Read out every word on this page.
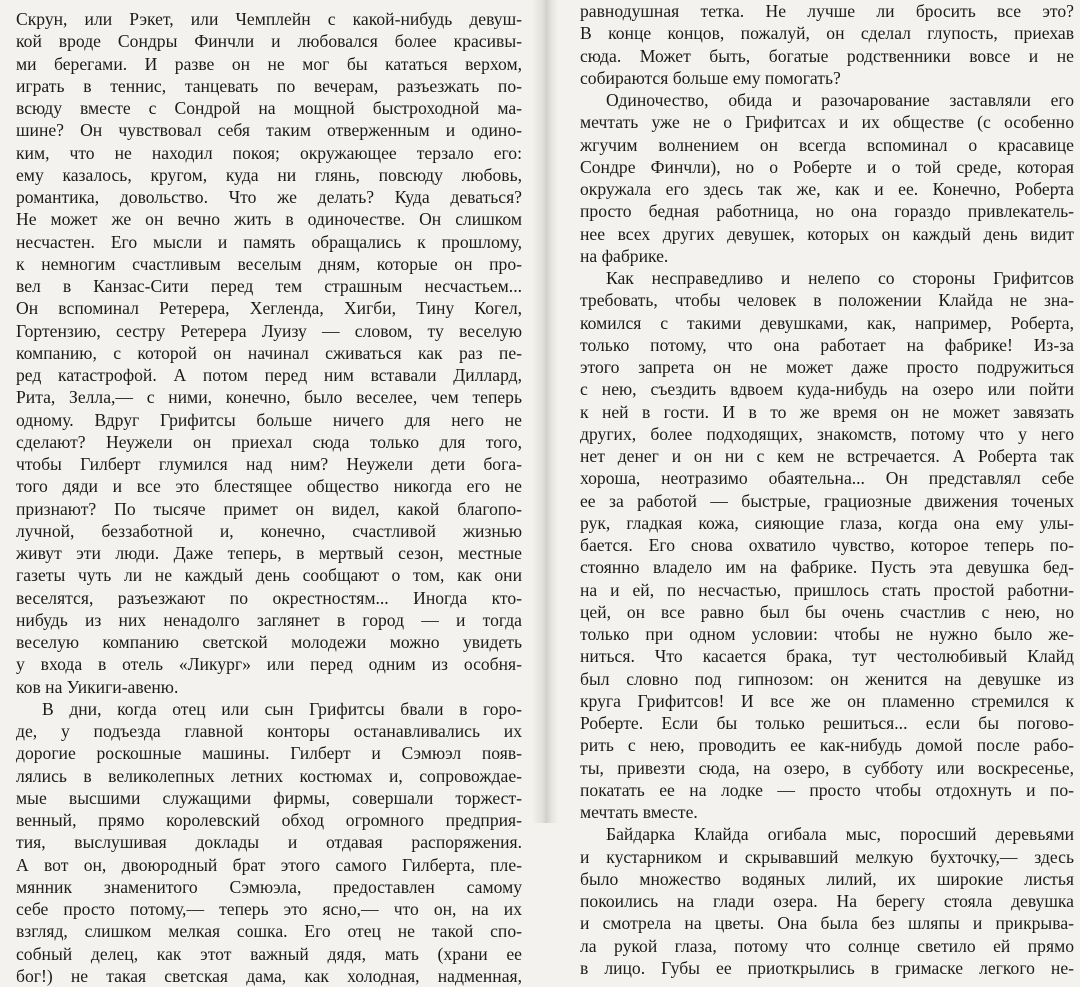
Скрун, или Рэкет, или Чемплейн с какой-нибудь девуш-
кой вроде Сондры Финчли и любовался более красивы-
ми берегами. И разве он не мог бы кататься верхом,
играть в теннис, танцевать по вечерам, разъезжать по-
всюду вместе с Сондрой на мощной быстроходной ма-
шине? Он чувствовал себя таким отверженным и одино-
ким, что не находил покоя; окружающее терзало его:
ему казалось, кругом, куда ни глянь, повсюду любовь,
романтика, довольство. Что же делать? Куда деваться?
Не может же он вечно жить в одиночестве. Он слишком
несчастен. Его мысли и память обращались к прошлому,
к немногим счастливым веселым дням, которые он про-
вел в Канзас-Сити перед тем страшным несчастьем...
Он вспоминал Ретерера, Хегленда, Хигби, Тину Когел,
Гортензию, сестру Ретерера Луизу — словом, ту веселую
компанию, с которой он начинал сживаться как раз пе-
ред катастрофой. А потом перед ним вставали Диллард,
Рита, Зелла,— с ними, конечно, было веселее, чем теперь
одному. Вдруг Грифитсы больше ничего для него не
сделают? Неужели он приехал сюда только для того,
чтобы Гилберт глумился над ним? Неужели дети бога-
того дяди и все это блестящее общество никогда его не
признают? По тысяче примет он видел, какой благопо-
лучной, беззаботной и, конечно, счастливой жизнью
живут эти люди. Даже теперь, в мертвый сезон, местные
газеты чуть ли не каждый день сообщают о том, как они
веселятся, разъезжают по окрестностям... Иногда кто-
нибудь из них ненадолго заглянет в город — и тогда
веселую компанию светской молодежи можно увидеть
у входа в отель «Ликург» или перед одним из особня-
ков на Уикиги-авеню.
В дни, когда отец или сын Грифитсы бвали в горо-
де, у подъезда главной конторы останавливались их
дорогие роскошные машины. Гилберт и Сэмюэл появ-
лялись в великолепных летних костюмах и, сопровождае-
мые высшими служащими фирмы, совершали торжест-
венный, прямо королевский обход огромного предприя-
тия, выслушивая доклады и отдавая распоряжения.
А вот он, двоюродный брат этого самого Гилберта, пле-
мянник знаменитого Сэмюэла, предоставлен самому
себе просто потому,— теперь это ясно,— что он, на их
взгляд, слишком мелкая сошка. Его отец не такой спо-
собный делец, как этот важный дядя, мать (храни ее
бог!) не такая светская дама, как холодная, надменная,
равнодушная тетка. Не лучше ли бросить все это?
В конце концов, пожалуй, он сделал глупость, приехав
сюда. Может быть, богатые родственники вовсе и не
собираются больше ему помогать?
Одиночество, обида и разочарование заставляли его
мечтать уже не о Грифитсах и их обществе (с особенно
жгучим волнением он всегда вспоминал о красавице
Сондре Финчли), но о Роберте и о той среде, которая
окружала его здесь так же, как и ее. Конечно, Роберта
просто бедная работница, но она гораздо привлекатель-
нее всех других девушек, которых он каждый день видит
на фабрике.
Как несправедливо и нелепо со стороны Грифитсов
требовать, чтобы человек в положении Клайда не зна-
комился с такими девушками, как, например, Роберта,
только потому, что она работает на фабрике! Из-за
этого запрета он не может даже просто подружиться
с нею, съездить вдвоем куда-нибудь на озеро или пойти
к ней в гости. И в то же время он не может завязать
других, более подходящих, знакомств, потому что у него
нет денег и он ни с кем не встречается. А Роберта так
хороша, неотразимо обаятельна... Он представлял себе
ее за работой — быстрые, грациозные движения точеных
рук, гладкая кожа, сияющие глаза, когда она ему улы-
бается. Его снова охватило чувство, которое теперь по-
стоянно владело им на фабрике. Пусть эта девушка бед-
на и ей, по несчастью, пришлось стать простой работни-
цей, он все равно был бы очень счастлив с нею, но
только при одном условии: чтобы не нужно было же-
ниться. Что касается брака, тут честолюбивый Клайд
был словно под гипнозом: он женится на девушке из
круга Грифитсов! И все же он пламенно стремился к
Роберте. Если бы только решиться... если бы погово-
рить с нею, проводить ее как-нибудь домой после рабо-
ты, привезти сюда, на озеро, в субботу или воскресенье,
покатать ее на лодке — просто чтобы отдохнуть и по-
мечтать вместе.
Байдарка Клайда огибала мыс, поросший деревьями
и кустарником и скрывавший мелкую бухточку,— здесь
было множество водяных лилий, их широкие листья
покоились на глади озера. На берегу стояла девушка
и смотрела на цветы. Она была без шляпы и прикрыва-
ла рукой глаза, потому что солнце светило ей прямо
в лицо. Губы ее приоткрылись в гримаске легкого не-
